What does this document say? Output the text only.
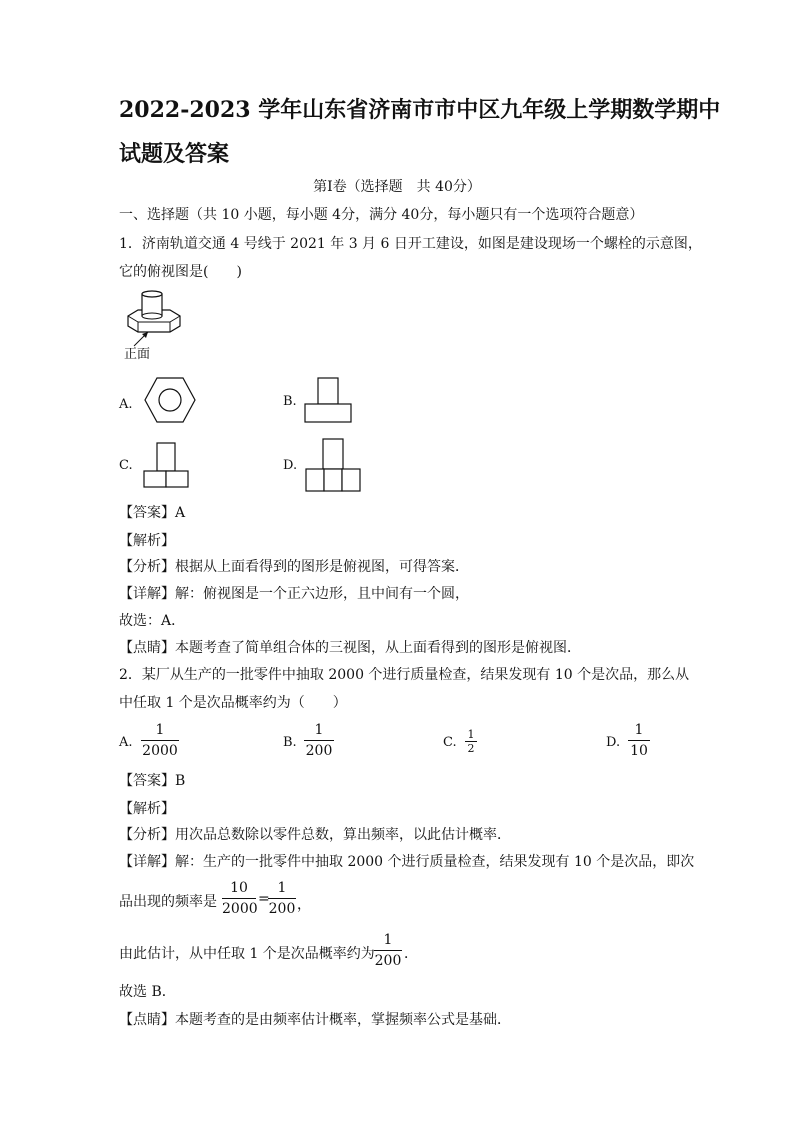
2022-2023 学年山东省济南市市中区九年级上学期数学期中
试题及答案
第Ⅰ卷（选择题　共 40分）
一、选择题（共 10 小题，每小题 4分，满分 40分，每小题只有一个选项符合题意）
1．济南轨道交通 4 号线于 2021 年 3 月 6 日开工建设，如图是建设现场一个螺栓的示意图，
它的俯视图是(　　)
正面
A.	B.
C.	D.
【答案】A
【解析】
【分析】根据从上面看得到的图形是俯视图，可得答案．
【详解】解：俯视图是一个正六边形，且中间有一个圆，
故选：A．
【点睛】本题考查了简单组合体的三视图，从上面看得到的图形是俯视图．
2．某厂从生产的一批零件中抽取 2000 个进行质量检查，结果发现有 10 个是次品，那么从
中任取 1 个是次品概率约为（　　）
A.
1
2000
B.
1
200
C.
1
2	D.
1
10
【答案】B
【解析】
【分析】用次品总数除以零件总数，算出频率，以此估计概率．
【详解】解：生产的一批零件中抽取 2000 个进行质量检查，结果发现有 10 个是次品，即次
品出现的频率是
10
2000
=
1
200 ，
由此估计，从中任取 1 个是次品概率约为
1
200 ．
故选 B．
【点睛】本题考查的是由频率估计概率，掌握频率公式是基础．
